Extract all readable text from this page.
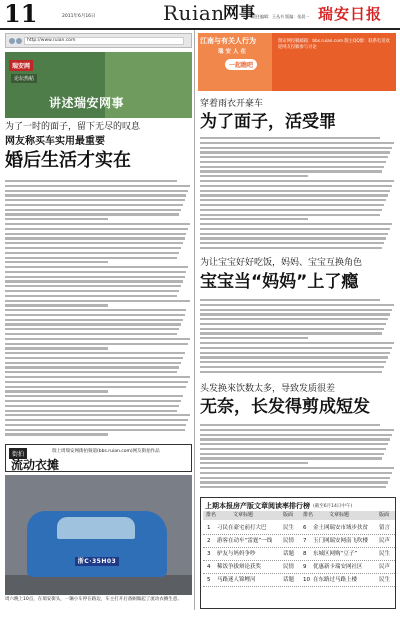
11	2011年6月16日	Ruian
网事
责任编辑：王丛书 版编：张晨一 瑞安日报
http://www.ruian.com
瑞安网
论坛热帖
讲述瑞安网事
为了一时的面子，留下无尽的叹息
网友称买车实用最重要
婚后生活才实在
街拍	瑞上周瑞安网街拍频道(bbs.ruian.com)网友街拍作品
流动衣摊
浙C·35H03
周六晚上10点，在瑞安街头，一辆小车停在路边，车主打开后备厢做起了流动衣摊生意。
江南与有关人行为
瑞安人在
一起瞧吧
瑞安网投稿邮箱：bbs.ruian.com 版主QQ群：联系电话欢迎网友投稿参与讨论
穿着雨衣开豪车
为了面子，活受罪
为让宝宝好好吃饭，妈妈、宝宝互换角色
宝宝当“妈妈”上了瘾
头发换來饮数太多，导致发质很差
无奈，长发得剪成短发
上期本报房产版文章阅读率排行榜 (截至6月14日中午)
排名	文章标题	版面 排名	文章标题	版面
1	刁民在豪宅前打大巴	民生	6	金土网瑞安市域步扶贫	留言
2	游客在动车“雷霆”一线	民情	7	玉门网瑞安网南飞吹楼	民声
3	驴友与妈妈争吵	话题	8	东城区网购“豆子”	民生
4	稀饭争拔辩论获奖	民情	9	优惠新卡瑞安网社区	民声
5	马路迷人锦鲤河	话题	10 在东路过马路上楼	民生
